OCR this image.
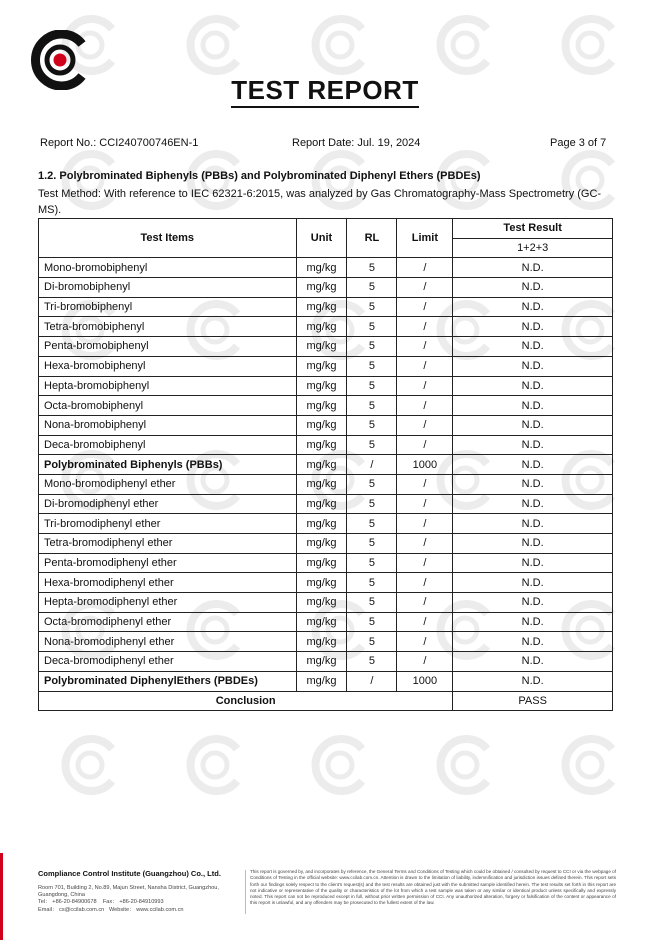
TEST REPORT
Report No.: CCI240700746EN-1	Report Date: Jul. 19, 2024	Page 3 of 7
1.2. Polybrominated Biphenyls (PBBs) and Polybrominated Diphenyl Ethers (PBDEs)
Test Method: With reference to IEC 62321-6:2015, was analyzed by Gas Chromatography-Mass Spectrometry (GC-MS).
Test Items	Unit	RL	Limit	Test Result
				1+2+3
Mono-bromobiphenyl	mg/kg	5	/	N.D.
Di-bromobiphenyl	mg/kg	5	/	N.D.
Tri-bromobiphenyl	mg/kg	5	/	N.D.
Tetra-bromobiphenyl	mg/kg	5	/	N.D.
Penta-bromobiphenyl	mg/kg	5	/	N.D.
Hexa-bromobiphenyl	mg/kg	5	/	N.D.
Hepta-bromobiphenyl	mg/kg	5	/	N.D.
Octa-bromobiphenyl	mg/kg	5	/	N.D.
Nona-bromobiphenyl	mg/kg	5	/	N.D.
Deca-bromobiphenyl	mg/kg	5	/	N.D.
Polybrominated Biphenyls (PBBs)	mg/kg	/	1000	N.D.
Mono-bromodiphenyl ether	mg/kg	5	/	N.D.
Di-bromodiphenyl ether	mg/kg	5	/	N.D.
Tri-bromodiphenyl ether	mg/kg	5	/	N.D.
Tetra-bromodiphenyl ether	mg/kg	5	/	N.D.
Penta-bromodiphenyl ether	mg/kg	5	/	N.D.
Hexa-bromodiphenyl ether	mg/kg	5	/	N.D.
Hepta-bromodiphenyl ether	mg/kg	5	/	N.D.
Octa-bromodiphenyl ether	mg/kg	5	/	N.D.
Nona-bromodiphenyl ether	mg/kg	5	/	N.D.
Deca-bromodiphenyl ether	mg/kg	5	/	N.D.
Polybrominated DiphenylEthers (PBDEs)	mg/kg	/	1000	N.D.
Conclusion				PASS
Compliance Control Institute (Guangzhou) Co., Ltd.
Room 701, Building 2, No.89, Majun Street, Nansha District, Guangzhou, Guangdong, China
Tel： +86-20-84900678 Fax： +86-20-84910993
Email： cs@ccilab.com.cn Website： www.ccilab.com.cn
This report is governed by, and incorporates by reference, the General Terms and Conditions of Testing which could be obtained / consulted by request to CCI or via the webpage of Conditions of Testing in the official website: www.ccilab.com.cn. Attention is drawn to the limitation of liability, indemnification and jurisdiction issues defined therein. This report sets forth our findings solely respect to the client's request(s) and the test results are obtained just with the submitted sample identified herein. The test results set forth in this report are not indicative or representative of the quality or characteristics of the lot from which a test sample was taken or any similar or identical product unless specifically and expressly noted. This report can not be reproduced except in full, without prior written permission of CCI. Any unauthorized alteration, forgery or falsification of the content or appearance of this report is unlawful, and any offenders may be prosecuted to the fullest extent of the law.
